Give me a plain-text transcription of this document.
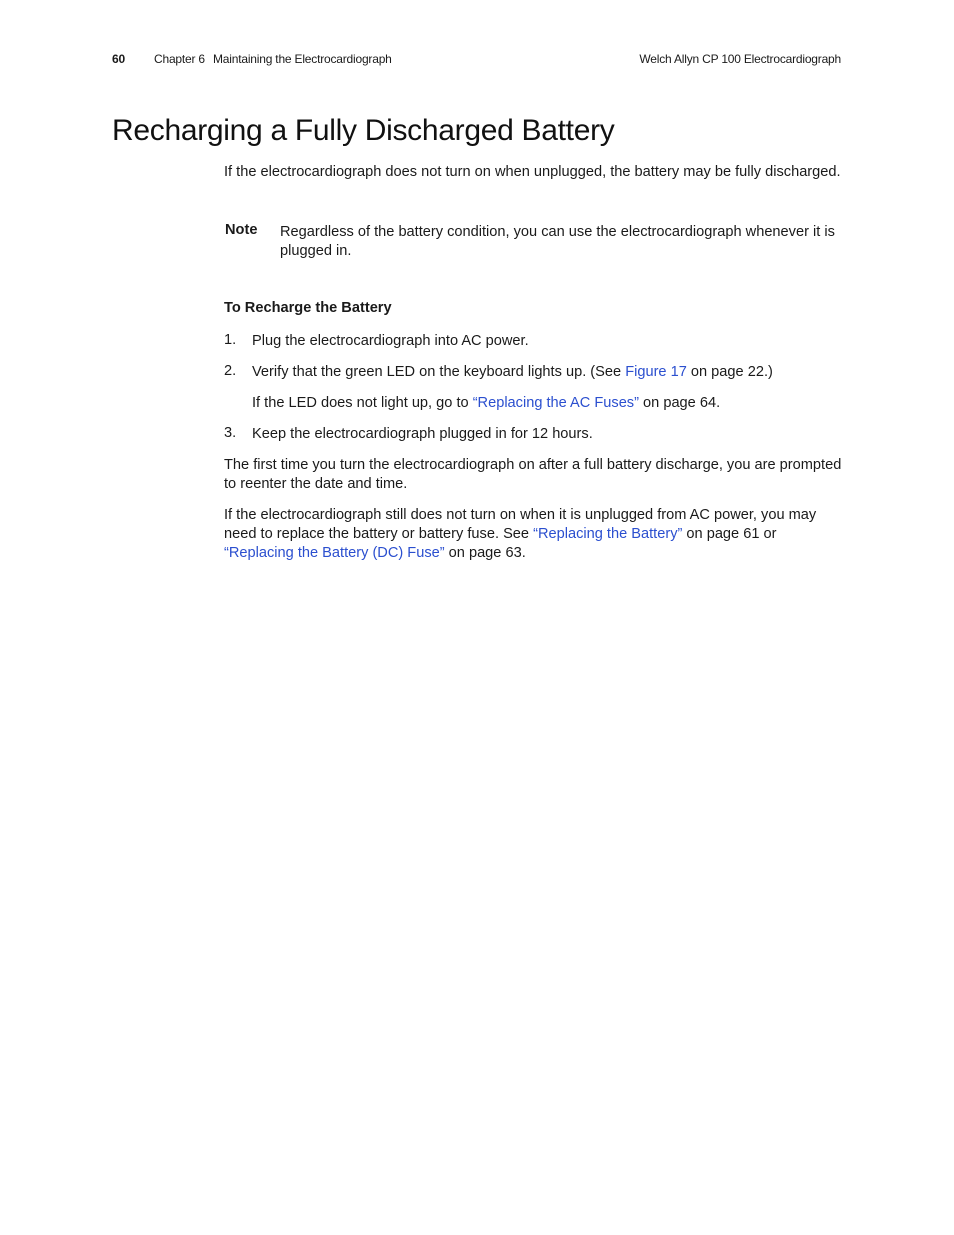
60 Chapter 6 Maintaining the Electrocardiograph	Welch Allyn CP 100 Electrocardiograph
Recharging a Fully Discharged Battery

If the electrocardiograph does not turn on when unplugged, the battery may be fully discharged.

Note Regardless of the battery condition, you can use the electrocardiograph whenever it is plugged in.

To Recharge the Battery

1. Plug the electrocardiograph into AC power.

2. Verify that the green LED on the keyboard lights up. (See Figure 17 on page 22.)

If the LED does not light up, go to “Replacing the AC Fuses” on page 64.

3. Keep the electrocardiograph plugged in for 12 hours.

The first time you turn the electrocardiograph on after a full battery discharge, you are prompted to reenter the date and time.

If the electrocardiograph still does not turn on when it is unplugged from AC power, you may need to replace the battery or battery fuse. See “Replacing the Battery” on page 61 or “Replacing the Battery (DC) Fuse” on page 63.
